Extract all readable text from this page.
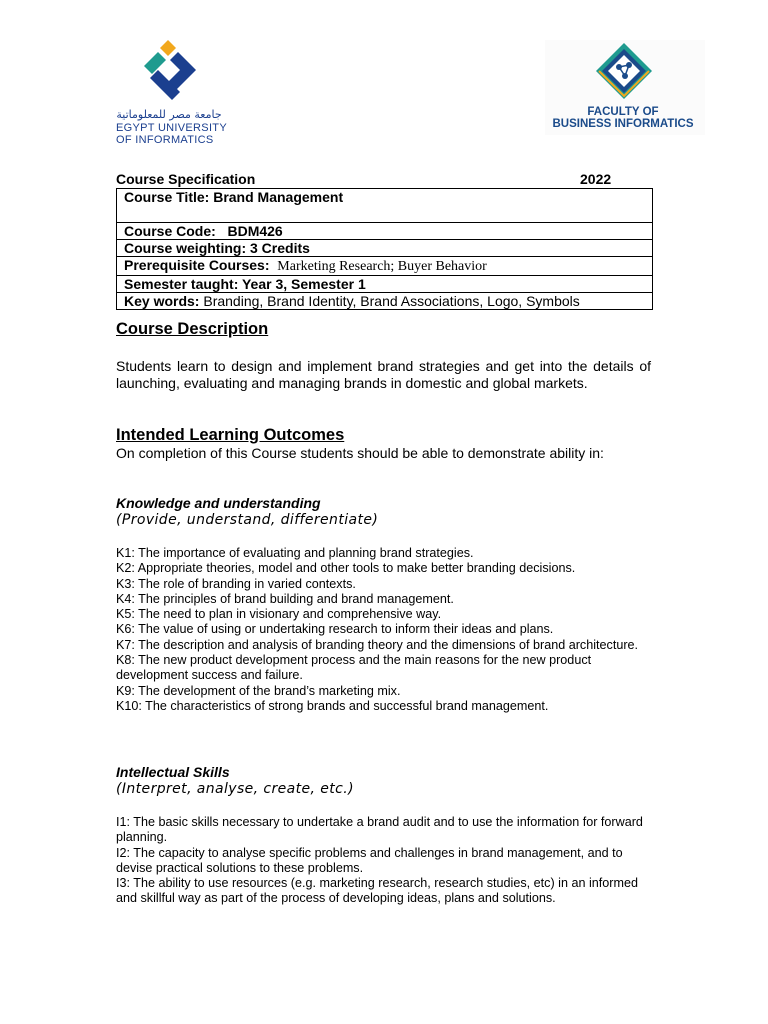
جامعة مصر للمعلوماتية
EGYPT UNIVERSITY
OF INFORMATICS
FACULTY OF
BUSINESS INFORMATICS
Course Specification	2022
Course Title: Brand Management
Course Code: BDM426
Course weighting: 3 Credits
Prerequisite Courses: Marketing Research; Buyer Behavior
Semester taught: Year 3, Semester 1
Key words: Branding, Brand Identity, Brand Associations, Logo, Symbols
Course Description
Students learn to design and implement brand strategies and get into the details of launching, evaluating and managing brands in domestic and global markets.
Intended Learning Outcomes
On completion of this Course students should be able to demonstrate ability in:
Knowledge and understanding
(Provide, understand, differentiate)
K1: The importance of evaluating and planning brand strategies.
K2: Appropriate theories, model and other tools to make better branding decisions.
K3: The role of branding in varied contexts.
K4: The principles of brand building and brand management.
K5: The need to plan in visionary and comprehensive way.
K6: The value of using or undertaking research to inform their ideas and plans.
K7: The description and analysis of branding theory and the dimensions of brand architecture.
K8: The new product development process and the main reasons for the new product development success and failure.
K9: The development of the brand’s marketing mix.
K10: The characteristics of strong brands and successful brand management.
Intellectual Skills
(Interpret, analyse, create, etc.)
I1: The basic skills necessary to undertake a brand audit and to use the information for forward planning.
I2: The capacity to analyse specific problems and challenges in brand management, and to devise practical solutions to these problems.
I3: The ability to use resources (e.g. marketing research, research studies, etc) in an informed and skillful way as part of the process of developing ideas, plans and solutions.
